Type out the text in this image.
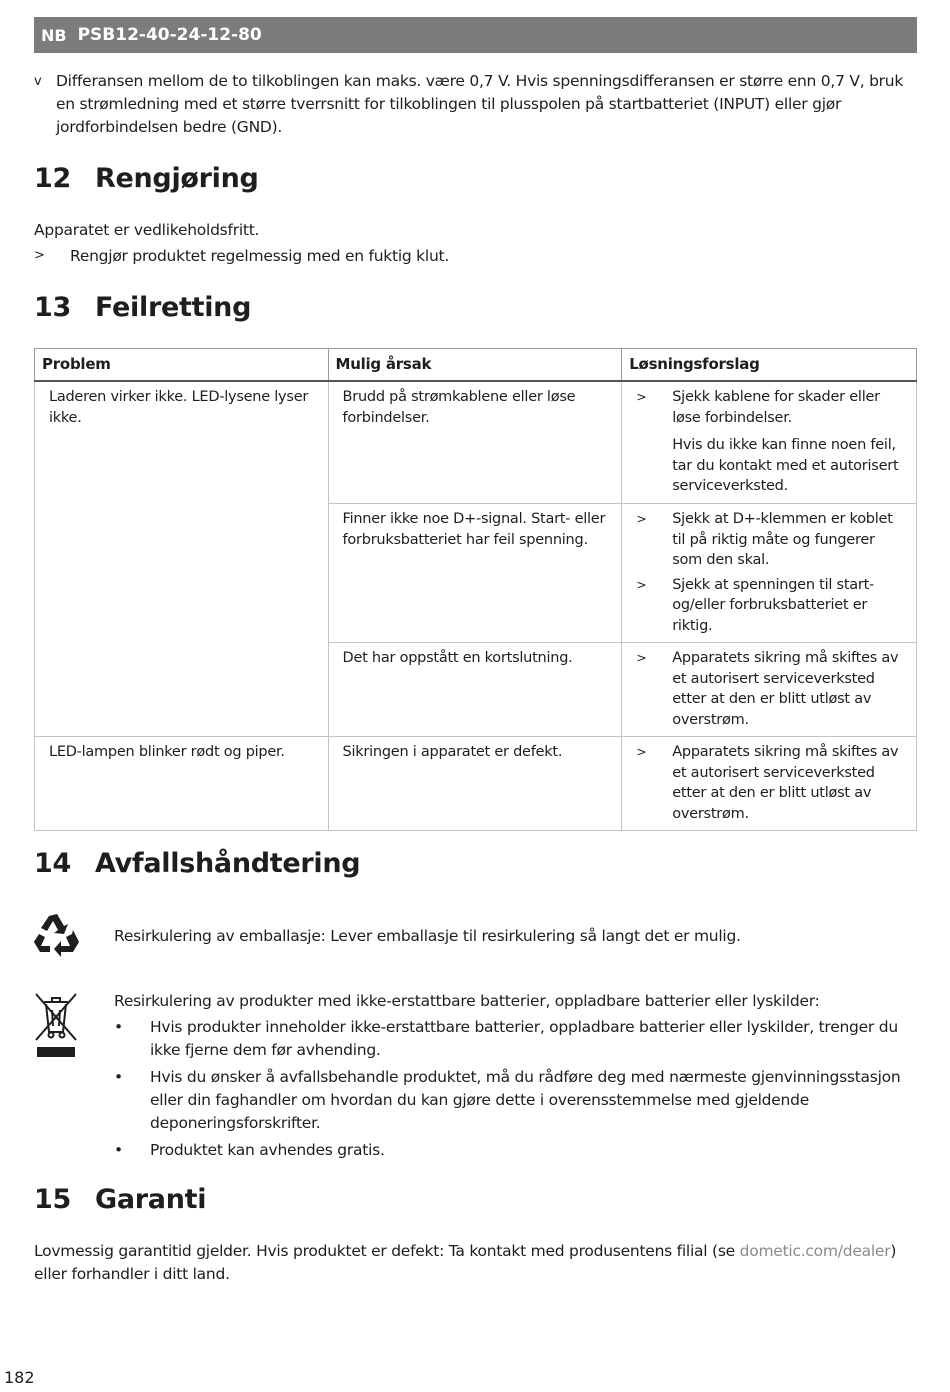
NB PSB12-40-24-12-80
v Differansen mellom de to tilkoblingen kan maks. være 0,7 V. Hvis spenningsdifferansen er større enn 0,7 V, bruk en strømledning med et større tverrsnitt for tilkoblingen til plusspolen på startbatteriet (INPUT) eller gjør jordforbindelsen bedre (GND).
12 Rengjøring
Apparatet er vedlikeholdsfritt.
> Rengjør produktet regelmessig med en fuktig klut.
13 Feilretting
Problem	Mulig årsak	Løsningsforslag
Laderen virker ikke. LED-lysene lyser ikke.	Brudd på strømkablene eller løse forbindelser.	> Sjekk kablene for skader eller løse forbindelser.
Hvis du ikke kan finne noen feil, tar du kontakt med et autorisert serviceverksted.

	Finner ikke noe D+-signal. Start- eller forbruksbatteriet har feil spenning.	> Sjekk at D+-klemmen er koblet til på riktig måte og fungerer som den skal.
> Sjekk at spenningen til start- og/eller forbruksbatteriet er riktig.

	Det har oppstått en kortslutning.	> Apparatets sikring må skiftes av et autorisert serviceverksted etter at den er blitt utløst av overstrøm.

LED-lampen blinker rødt og piper.	Sikringen i apparatet er defekt.	> Apparatets sikring må skiftes av et autorisert serviceverksted etter at den er blitt utløst av overstrøm.
14 Avfallshåndtering
Resirkulering av emballasje: Lever emballasje til resirkulering så langt det er mulig.
Resirkulering av produkter med ikke-erstattbare batterier, oppladbare batterier eller lyskilder:
• Hvis produkter inneholder ikke-erstattbare batterier, oppladbare batterier eller lyskilder, trenger du ikke fjerne dem før avhending.
• Hvis du ønsker å avfallsbehandle produktet, må du rådføre deg med nærmeste gjenvinningsstasjon eller din faghandler om hvordan du kan gjøre dette i overensstemmelse med gjeldende deponeringsforskrifter.
• Produktet kan avhendes gratis.
15 Garanti
Lovmessig garantitid gjelder. Hvis produktet er defekt: Ta kontakt med produsentens filial (se dometic.com/dealer) eller forhandler i ditt land.
182
